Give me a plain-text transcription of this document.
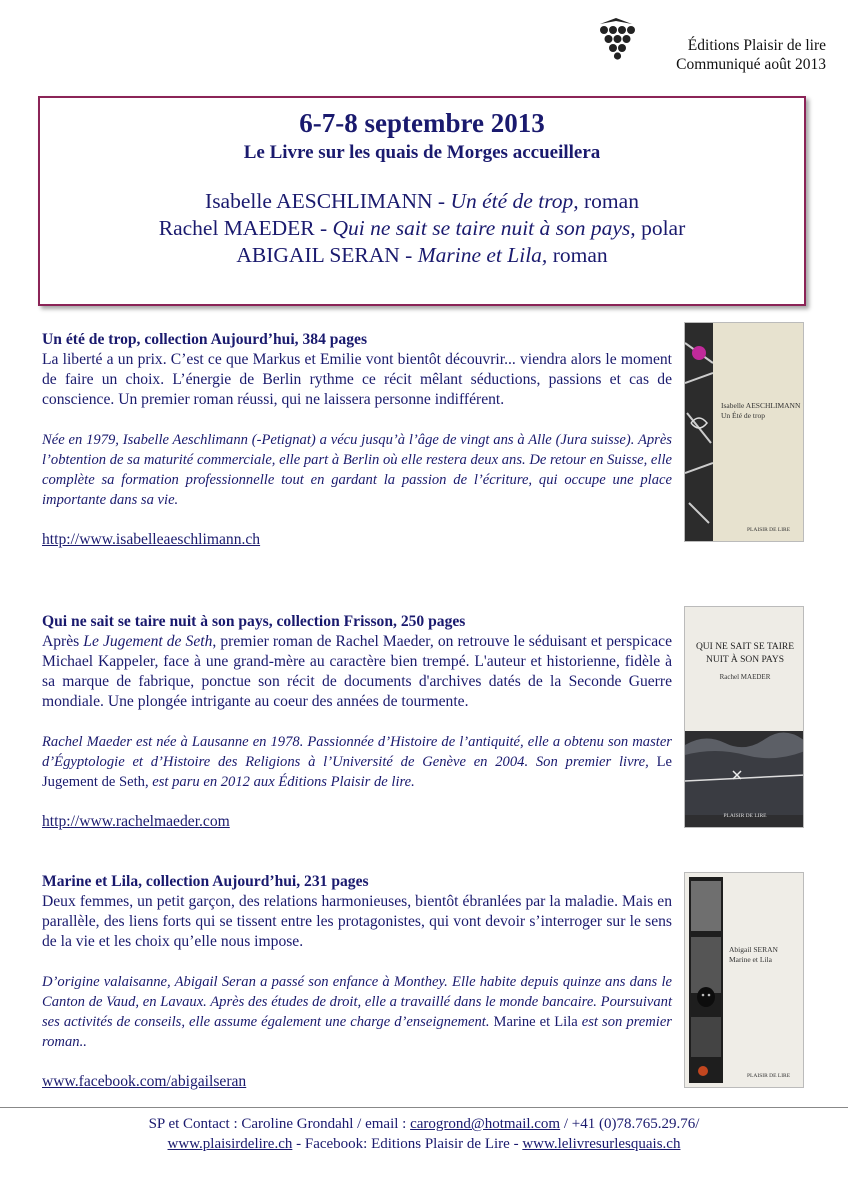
Éditions Plaisir de lire
Communiqué août 2013
6-7-8 septembre 2013
Le Livre sur les quais de Morges accueillera
Isabelle AESCHLIMANN - Un été de trop, roman
Rachel MAEDER - Qui ne sait se taire nuit à son pays, polar
ABIGAIL SERAN - Marine et Lila, roman
Un été de trop, collection Aujourd’hui, 384 pages
La liberté a un prix. C’est ce que Markus et Emilie vont bientôt découvrir... viendra alors le moment de faire un choix. L’énergie de Berlin rythme ce récit mêlant séductions, passions et cas de conscience. Un premier roman réussi, qui ne laissera personne indifférent.
Née en 1979, Isabelle Aeschlimann (-Petignat) a vécu jusqu’à l’âge de vingt ans à Alle (Jura suisse). Après l’obtention de sa maturité commerciale, elle part à Berlin où elle restera deux ans. De retour en Suisse, elle complète sa formation professionnelle tout en gardant la passion de l’écriture, qui occupe une place importante dans sa vie.
http://www.isabelleaeschlimann.ch
Isabelle AESCHLIMANN
Un Été de trop
PLAISIR DE LIRE
Qui ne sait se taire nuit à son pays, collection Frisson, 250 pages
Après Le Jugement de Seth, premier roman de Rachel Maeder, on retrouve le séduisant et perspicace Michael Kappeler, face à une grand-mère au caractère bien trempé. L'auteur et historienne, fidèle à sa marque de fabrique, ponctue son récit de documents d'archives datés de la Seconde Guerre mondiale. Une plongée intrigante au coeur des années de tourmente.
Rachel Maeder est née à Lausanne en 1978. Passionnée d’Histoire de l’antiquité, elle a obtenu son master d’Égyptologie et d’Histoire des Religions à l’Université de Genève en 2004. Son premier livre, Le Jugement de Seth, est paru en 2012 aux Éditions Plaisir de lire.
http://www.rachelmaeder.com
QUI NE SAIT SE TAIRE
NUIT À SON PAYS
Rachel MAEDER
PLAISIR DE LIRE
Marine et Lila, collection Aujourd’hui, 231 pages
Deux femmes, un petit garçon, des relations harmonieuses, bientôt ébranlées par la maladie. Mais en parallèle, des liens forts qui se tissent entre les protagonistes, qui vont devoir s’interroger sur le sens de la vie et les choix qu’elle nous impose.
D’origine valaisanne, Abigail Seran a passé son enfance à Monthey. Elle habite depuis quinze ans dans le Canton de Vaud, en Lavaux. Après des études de droit, elle a travaillé dans le monde bancaire. Poursuivant ses activités de conseils, elle assume également une charge d’enseignement. Marine et Lila est son premier roman..
www.facebook.com/abigailseran
Abigail SERAN
Marine et Lila
PLAISIR DE LIRE
SP et Contact : Caroline Grondahl / email : carogrond@hotmail.com / +41 (0)78.765.29.76/
www.plaisirdelire.ch - Facebook: Editions Plaisir de Lire - www.lelivresurlesquais.ch
